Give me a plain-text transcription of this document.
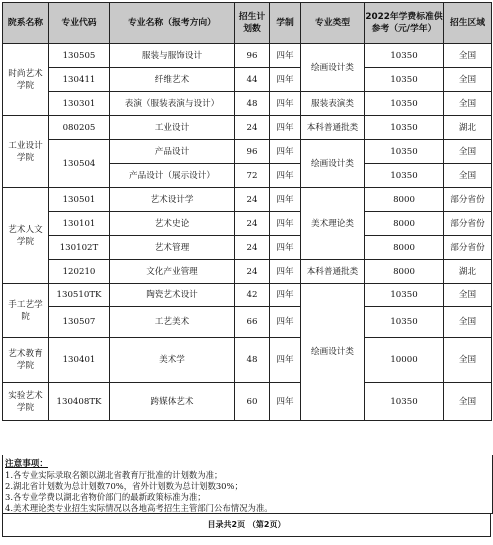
院系名称	专业代码	专业名称（报考方向）	招生计划数	学制	专业类型	2022年学费标准供参考（元/学年）	招生区域
时尚艺术学院	130505	服装与服饰设计	96	四年	绘画设计类	10350	全国
	130411	纤维艺术	44	四年		10350	全国
	130301	表演（服装表演与设计）	48	四年	服装表演类	10350	全国
工业设计学院	080205	工业设计	24	四年	本科普通批类	10350	湖北
	130504	产品设计	96	四年	绘画设计类	10350	全国
		产品设计（展示设计）	72	四年		10350	全国
艺术人文学院	130501	艺术设计学	24	四年	美术理论类	8000	部分省份
	130101	艺术史论	24	四年		8000	部分省份
	130102T	艺术管理	24	四年		8000	部分省份
	120210	文化产业管理	24	四年	本科普通批类	8000	湖北
手工艺学院	130510TK	陶瓷艺术设计	42	四年	绘画设计类	10350	全国
	130507	工艺美术	66	四年		10350	全国
艺术教育学院	130401	美术学	48	四年		10000	全国
实验艺术学院	130408TK	跨媒体艺术	60	四年		10350	全国
注意事项：
1.各专业实际录取名额以湖北省教育厅批准的计划数为准；
2.湖北省计划数为总计划数70%，省外计划数为总计划数30%；
3.各专业学费以湖北省物价部门的最新政策标准为准；
4.美术理论类专业招生实际情况以各地高考招生主管部门公布情况为准。
目录共2页 （第2页）
